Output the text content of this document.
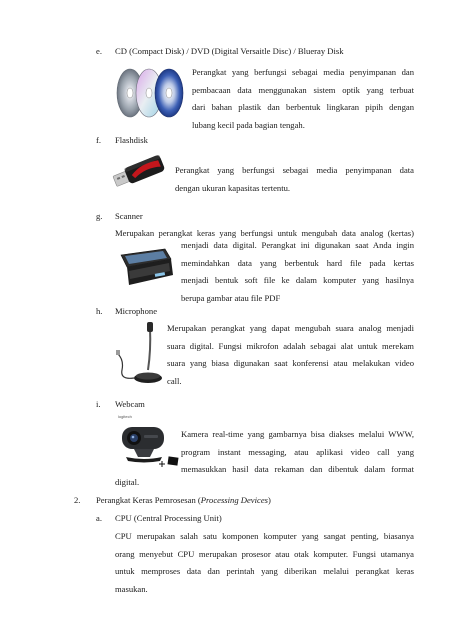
e. CD (Compact Disk) / DVD (Digital Versaitle Disc) / Blueray Disk

Perangkat yang berfungsi sebagai media penyimpanan dan

pembacaan data menggunakan sistem optik yang terbuat

dari bahan plastik dan berbentuk lingkaran pipih dengan

lubang kecil pada bagian tengah.

f. Flashdisk

Perangkat yang berfungsi sebagai media penyimpanan data

dengan ukuran kapasitas tertentu.

g. Scanner
Merupakan perangkat keras yang berfungsi untuk mengubah data analog (kertas)

menjadi data digital. Perangkat ini digunakan saat Anda ingin

memindahkan data yang berbentuk hard file pada kertas

menjadi bentuk soft file ke dalam komputer yang hasilnya

berupa gambar atau file PDF

h. Microphone

Merupakan perangkat yang dapat mengubah suara analog menjadi

suara digital. Fungsi mikrofon adalah sebagai alat untuk merekam

suara yang biasa digunakan saat konferensi atau melakukan video

call.

i. Webcam
logitech

Kamera real-time yang gambarnya bisa diakses melalui WWW,

program instant messaging, atau aplikasi video call yang

memasukkan hasil data rekaman dan dibentuk dalam format

digital.
2. Perangkat Keras Pemrosesan (Processing Devices)
a. CPU (Central Processing Unit)

CPU merupakan salah satu komponen komputer yang sangat penting, biasanya

orang menyebut CPU merupakan prosesor atau otak komputer. Fungsi utamanya

untuk memproses data dan perintah yang diberikan melalui perangkat keras

masukan.
